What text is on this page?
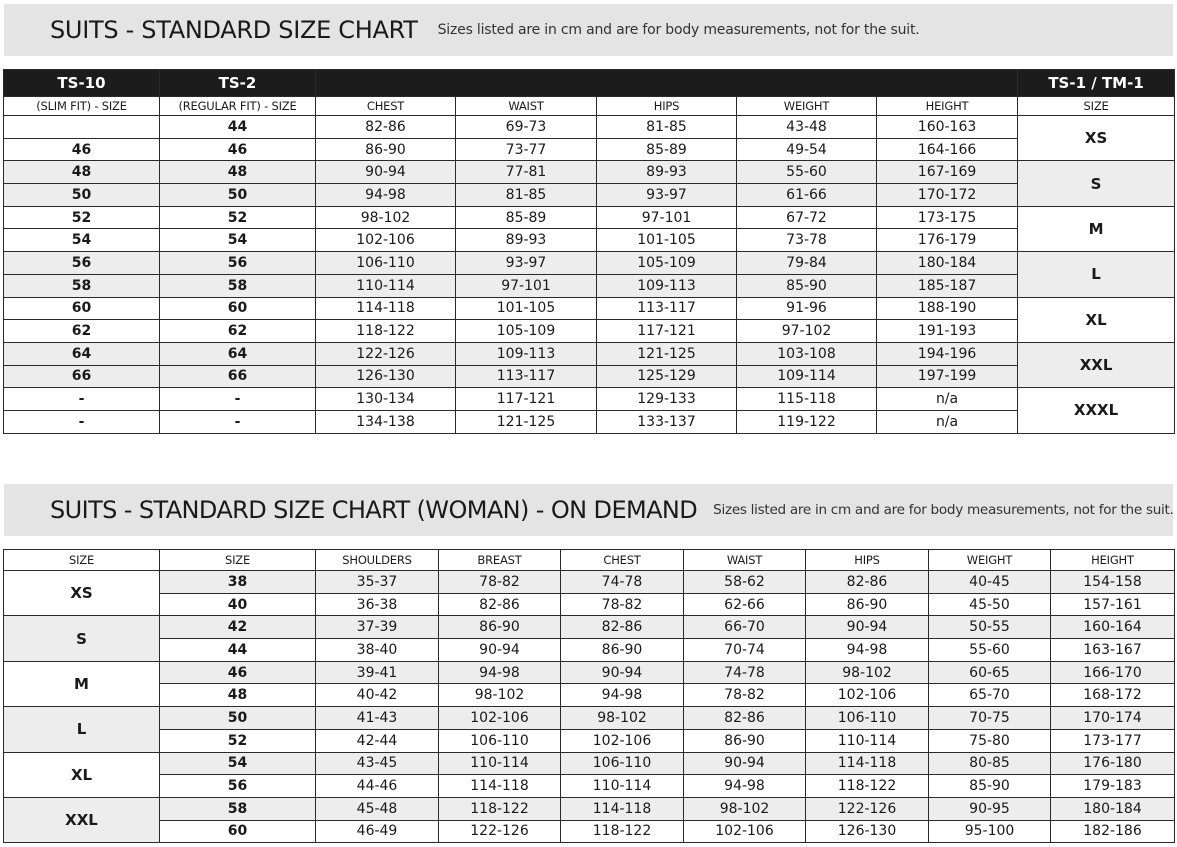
SUITS - STANDARD SIZE CHART Sizes listed are in cm and are for body measurements, not for the suit.
TS-10	TS-2						TS-1 / TM-1
(SLIM FIT) - SIZE	(REGULAR FIT) - SIZE	CHEST	WAIST	HIPS	WEIGHT	HEIGHT	SIZE
	44	82-86	69-73	81-85	43-48	160-163	XS
46	46	86-90	73-77	85-89	49-54	164-166	
48	48	90-94	77-81	89-93	55-60	167-169	S
50	50	94-98	81-85	93-97	61-66	170-172	
52	52	98-102	85-89	97-101	67-72	173-175	M
54	54	102-106	89-93	101-105	73-78	176-179	
56	56	106-110	93-97	105-109	79-84	180-184	L
58	58	110-114	97-101	109-113	85-90	185-187	
60	60	114-118	101-105	113-117	91-96	188-190	XL
62	62	118-122	105-109	117-121	97-102	191-193	
64	64	122-126	109-113	121-125	103-108	194-196	XXL
66	66	126-130	113-117	125-129	109-114	197-199	
-	-	130-134	117-121	129-133	115-118	n/a	XXXL
-	-	134-138	121-125	133-137	119-122	n/a	
SUITS - STANDARD SIZE CHART (WOMAN) - ON DEMAND Sizes listed are in cm and are for body measurements, not for the suit.
SIZE	SIZE	SHOULDERS	BREAST	CHEST	WAIST	HIPS	WEIGHT	HEIGHT
XS	38	35-37	78-82	74-78	58-62	82-86	40-45	154-158
	40	36-38	82-86	78-82	62-66	86-90	45-50	157-161
S	42	37-39	86-90	82-86	66-70	90-94	50-55	160-164
	44	38-40	90-94	86-90	70-74	94-98	55-60	163-167
M	46	39-41	94-98	90-94	74-78	98-102	60-65	166-170
	48	40-42	98-102	94-98	78-82	102-106	65-70	168-172
L	50	41-43	102-106	98-102	82-86	106-110	70-75	170-174
	52	42-44	106-110	102-106	86-90	110-114	75-80	173-177
XL	54	43-45	110-114	106-110	90-94	114-118	80-85	176-180
	56	44-46	114-118	110-114	94-98	118-122	85-90	179-183
XXL	58	45-48	118-122	114-118	98-102	122-126	90-95	180-184
	60	46-49	122-126	118-122	102-106	126-130	95-100	182-186
